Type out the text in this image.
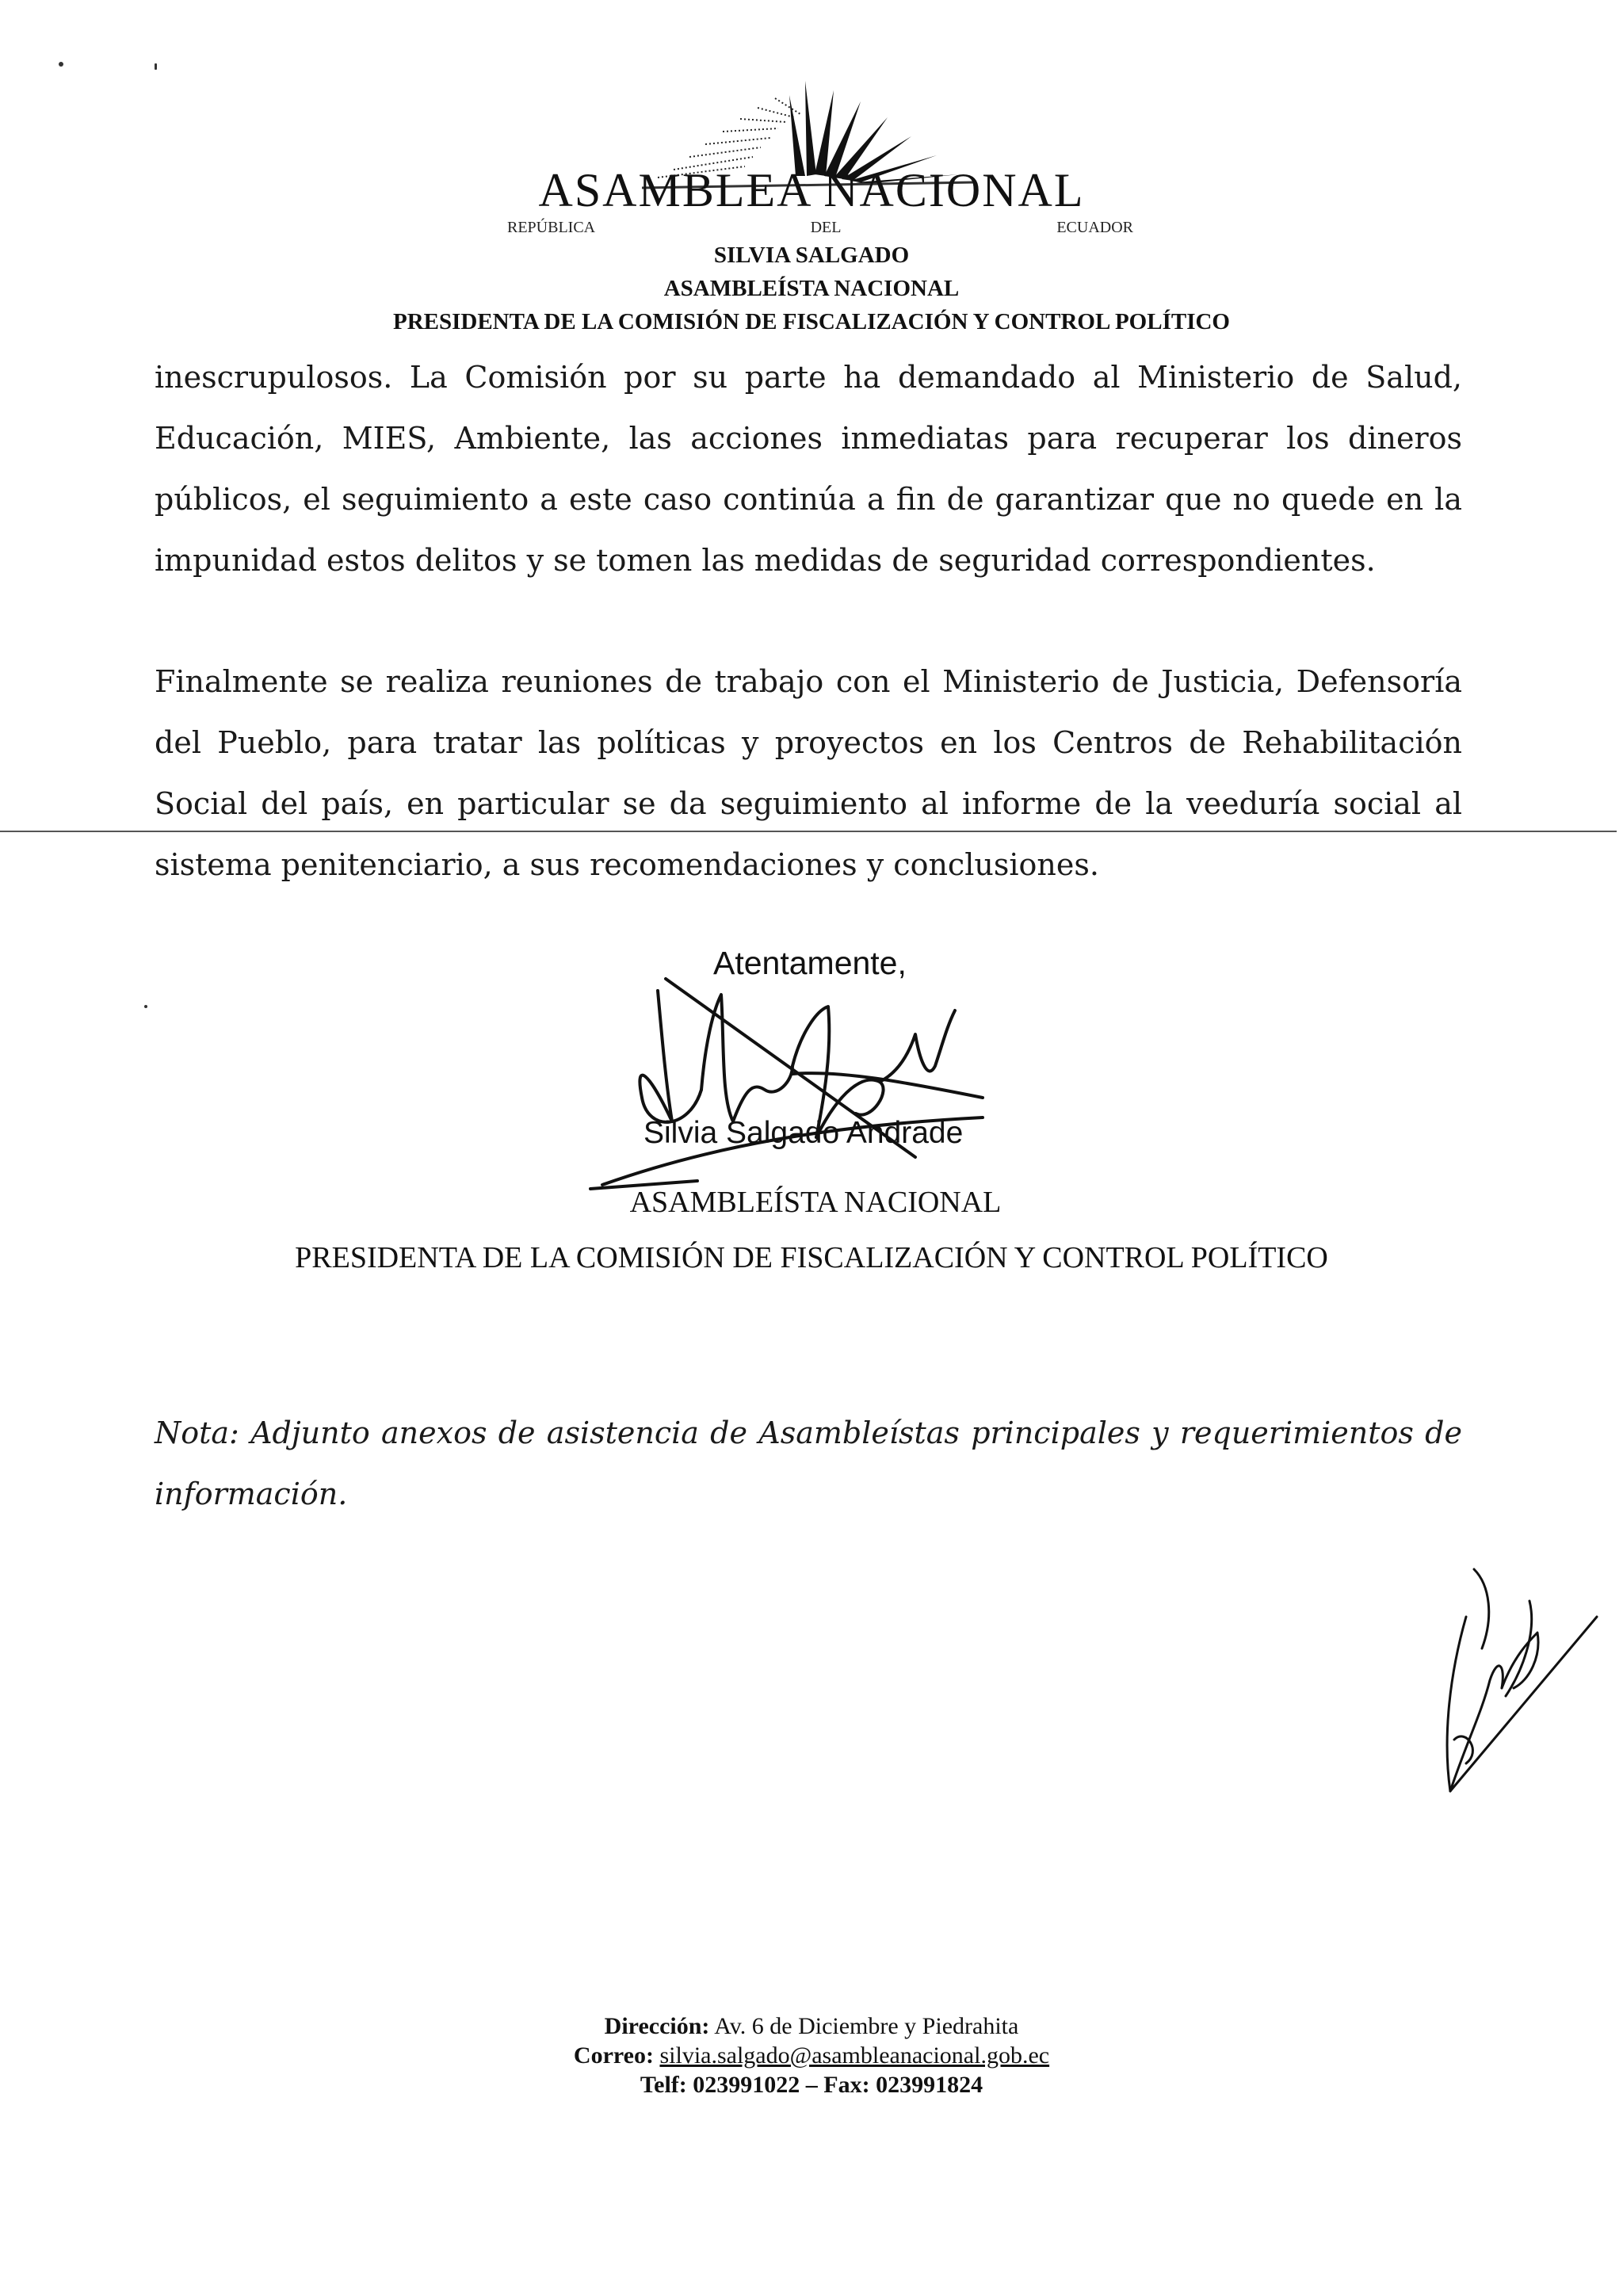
ASAMBLEA NACIONAL
REPÚBLICA DEL ECUADOR
SILVIA SALGADO
ASAMBLEÍSTA NACIONAL
PRESIDENTA DE LA COMISIÓN DE FISCALIZACIÓN Y CONTROL POLÍTICO
inescrupulosos. La Comisión por su parte ha demandado al Ministerio de Salud, Educación, MIES, Ambiente, las acciones inmediatas para recuperar los dineros públicos, el seguimiento a este caso continúa a fin de garantizar que no quede en la impunidad estos delitos y se tomen las medidas de seguridad correspondientes.
Finalmente se realiza reuniones de trabajo con el Ministerio de Justicia, Defensoría del Pueblo, para tratar las políticas y proyectos en los Centros de Rehabilitación Social del país, en particular se da seguimiento al informe de la veeduría social al sistema penitenciario, a sus recomendaciones y conclusiones.
Atentamente,
Silvia Salgado Andrade
ASAMBLEÍSTA NACIONAL
PRESIDENTA DE LA COMISIÓN DE FISCALIZACIÓN Y CONTROL POLÍTICO
Nota: Adjunto anexos de asistencia de Asambleístas principales y requerimientos de información.
Dirección: Av. 6 de Diciembre y Piedrahita
Correo: silvia.salgado@asambleanacional.gob.ec
Telf: 023991022 – Fax: 023991824
